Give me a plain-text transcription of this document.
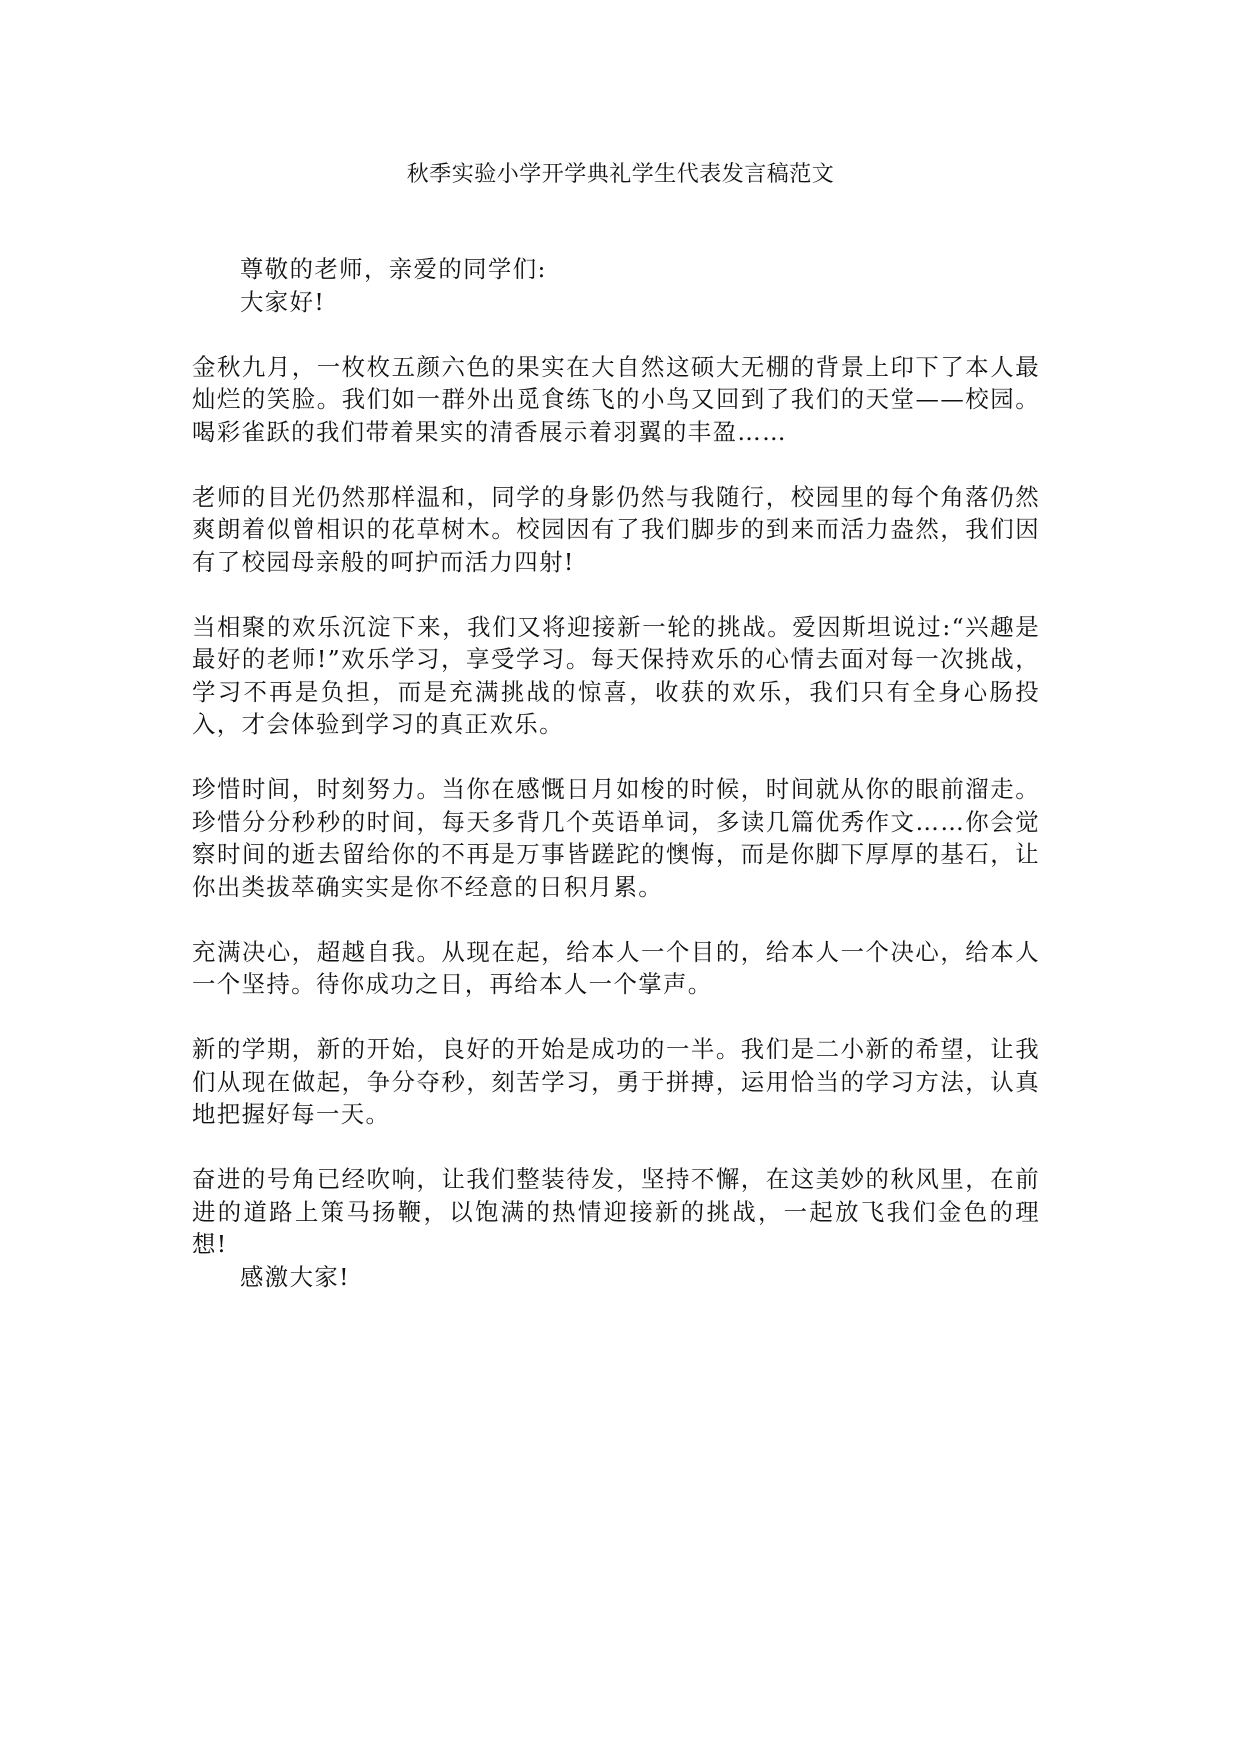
秋季实验小学开学典礼学生代表发言稿范文

尊敬的老师，亲爱的同学们:

大家好!

金秋九月，一枚枚五颜六色的果实在大自然这硕大无棚的背景上印下了本人最灿烂的笑脸。我们如一群外出觅食练飞的小鸟又回到了我们的天堂——校园。喝彩雀跃的我们带着果实的清香展示着羽翼的丰盈……

老师的目光仍然那样温和，同学的身影仍然与我随行，校园里的每个角落仍然爽朗着似曾相识的花草树木。校园因有了我们脚步的到来而活力盎然，我们因有了校园母亲般的呵护而活力四射!

当相聚的欢乐沉淀下来，我们又将迎接新一轮的挑战。爱因斯坦说过:“兴趣是最好的老师!”欢乐学习，享受学习。每天保持欢乐的心情去面对每一次挑战，学习不再是负担，而是充满挑战的惊喜，收获的欢乐，我们只有全身心肠投入，才会体验到学习的真正欢乐。

珍惜时间，时刻努力。当你在感慨日月如梭的时候，时间就从你的眼前溜走。珍惜分分秒秒的时间，每天多背几个英语单词，多读几篇优秀作文……你会觉察时间的逝去留给你的不再是万事皆蹉跎的懊悔，而是你脚下厚厚的基石，让你出类拔萃确实实是你不经意的日积月累。

充满决心，超越自我。从现在起，给本人一个目的，给本人一个决心，给本人一个坚持。待你成功之日，再给本人一个掌声。

新的学期，新的开始，良好的开始是成功的一半。我们是二小新的希望，让我们从现在做起，争分夺秒，刻苦学习，勇于拼搏，运用恰当的学习方法，认真地把握好每一天。

奋进的号角已经吹响，让我们整装待发，坚持不懈，在这美妙的秋风里，在前进的道路上策马扬鞭，以饱满的热情迎接新的挑战，一起放飞我们金色的理想!

感激大家!
